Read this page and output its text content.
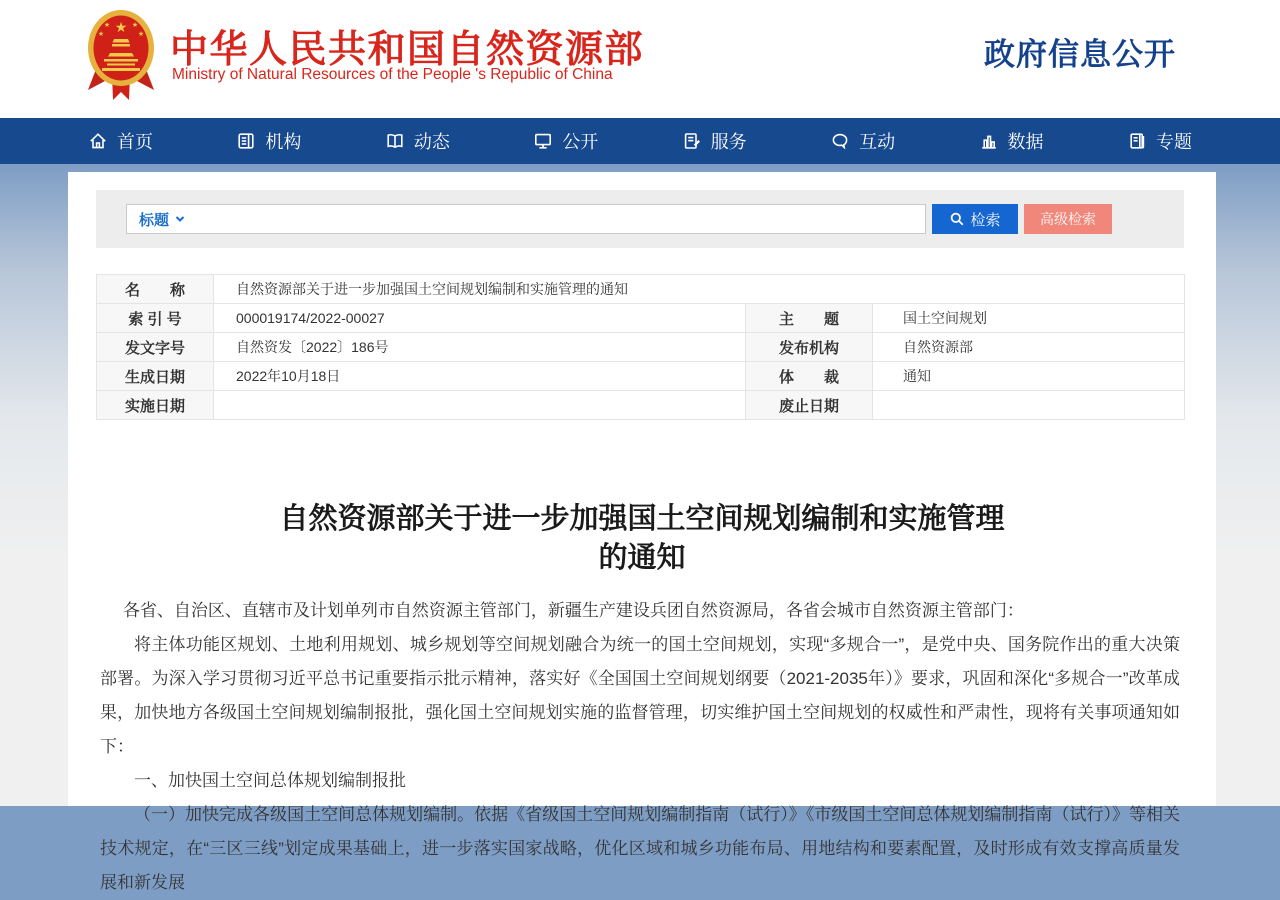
★
★	★
★	★ 中华人民共和国自然资源部
Ministry of Natural Resources of the People 's Republic of China
政府信息公开
首页	机构	动态	公开	服务	互动	数据	专题
标题	检索	高级检索
名　　称	自然资源部关于进一步加强国土空间规划编制和实施管理的通知		
索 引 号	000019174/2022-00027	主　　题	国土空间规划
发文字号	自然资发〔2022〕186号	发布机构	自然资源部
生成日期	2022年10月18日	体　　裁	通知
实施日期		废止日期	
自然资源部关于进一步加强国土空间规划编制和实施管理
的通知

各省、自治区、直辖市及计划单列市自然资源主管部门，新疆生产建设兵团自然资源局，各省会城市自然资源主管部门：

将主体功能区规划、土地利用规划、城乡规划等空间规划融合为统一的国土空间规划，实现“多规合一”，是党中央、国务院作出的重大决策部署。为深入学习贯彻习近平总书记重要指示批示精神，落实好《全国国土空间规划纲要（2021-2035年）》要求，巩固和深化“多规合一”改革成果，加快地方各级国土空间规划编制报批，强化国土空间规划实施的监督管理，切实维护国土空间规划的权威性和严肃性，现将有关事项通知如下：

一、加快国土空间总体规划编制报批

（一）加快完成各级国土空间总体规划编制。依据《省级国土空间规划编制指南（试行）》《市级国土空间总体规划编制指南（试行）》等相关技术规定，在“三区三线”划定成果基础上，进一步落实国家战略，优化区域和城乡功能布局、用地结构和要素配置，及时形成有效支撑高质量发展和新发展
